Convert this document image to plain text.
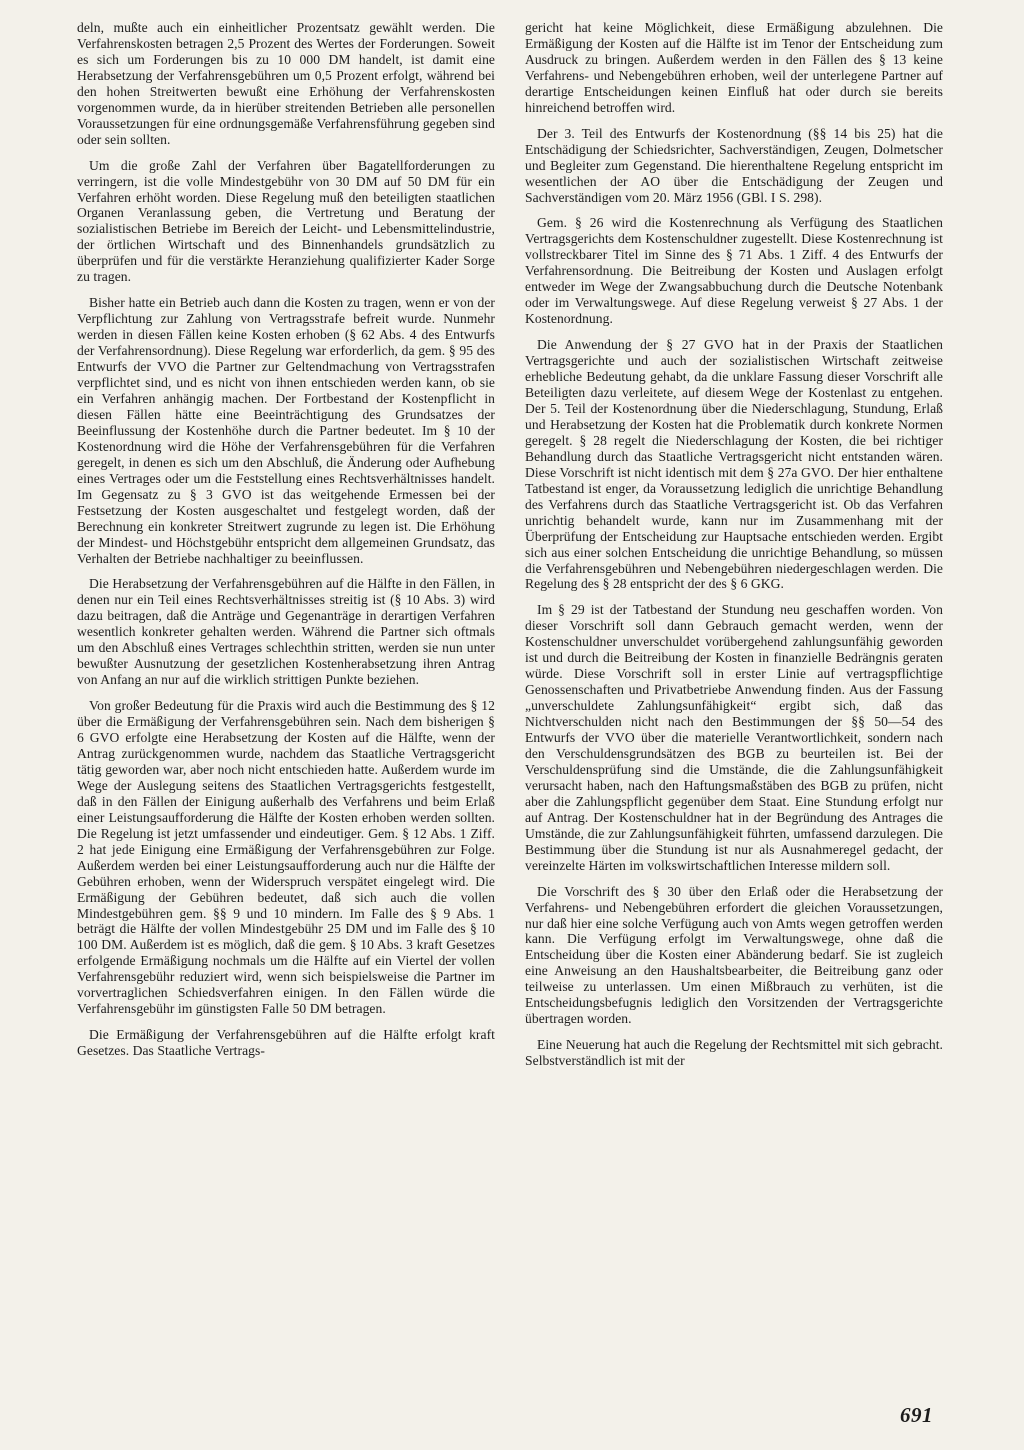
deln, mußte auch ein einheitlicher Prozentsatz gewählt werden. Die Verfahrenskosten betragen 2,5 Prozent des Wertes der Forderungen. Soweit es sich um Forderungen bis zu 10 000 DM handelt, ist damit eine Herabsetzung der Verfahrensgebühren um 0,5 Prozent erfolgt, während bei den hohen Streitwerten bewußt eine Erhöhung der Verfahrenskosten vorgenommen wurde, da in hierüber streitenden Betrieben alle personellen Voraussetzungen für eine ordnungsgemäße Verfahrensführung gegeben sind oder sein sollten.

Um die große Zahl der Verfahren über Bagatellforderungen zu verringern, ist die volle Mindestgebühr von 30 DM auf 50 DM für ein Verfahren erhöht worden. Diese Regelung muß den beteiligten staatlichen Organen Veranlassung geben, die Vertretung und Beratung der sozialistischen Betriebe im Bereich der Leicht- und Lebensmittelindustrie, der örtlichen Wirtschaft und des Binnenhandels grundsätzlich zu überprüfen und für die verstärkte Heranziehung qualifizierter Kader Sorge zu tragen.

Bisher hatte ein Betrieb auch dann die Kosten zu tragen, wenn er von der Verpflichtung zur Zahlung von Vertragsstrafe befreit wurde. Nunmehr werden in diesen Fällen keine Kosten erhoben (§ 62 Abs. 4 des Entwurfs der Verfahrensordnung). Diese Regelung war erforderlich, da gem. § 95 des Entwurfs der VVO die Partner zur Geltendmachung von Vertragsstrafen verpflichtet sind, und es nicht von ihnen entschieden werden kann, ob sie ein Verfahren anhängig machen. Der Fortbestand der Kostenpflicht in diesen Fällen hätte eine Beeinträchtigung des Grundsatzes der Beeinflussung der Kostenhöhe durch die Partner bedeutet. Im § 10 der Kostenordnung wird die Höhe der Verfahrensgebühren für die Verfahren geregelt, in denen es sich um den Abschluß, die Änderung oder Aufhebung eines Vertrages oder um die Feststellung eines Rechtsverhältnisses handelt. Im Gegensatz zu § 3 GVO ist das weitgehende Ermessen bei der Festsetzung der Kosten ausgeschaltet und festgelegt worden, daß der Berechnung ein konkreter Streitwert zugrunde zu legen ist. Die Erhöhung der Mindest- und Höchstgebühr entspricht dem allgemeinen Grundsatz, das Verhalten der Betriebe nachhaltiger zu beeinflussen.

Die Herabsetzung der Verfahrensgebühren auf die Hälfte in den Fällen, in denen nur ein Teil eines Rechtsverhältnisses streitig ist (§ 10 Abs. 3) wird dazu beitragen, daß die Anträge und Gegenanträge in derartigen Verfahren wesentlich konkreter gehalten werden. Während die Partner sich oftmals um den Abschluß eines Vertrages schlechthin stritten, werden sie nun unter bewußter Ausnutzung der gesetzlichen Kostenherabsetzung ihren Antrag von Anfang an nur auf die wirklich strittigen Punkte beziehen.

Von großer Bedeutung für die Praxis wird auch die Bestimmung des § 12 über die Ermäßigung der Verfahrensgebühren sein. Nach dem bisherigen § 6 GVO erfolgte eine Herabsetzung der Kosten auf die Hälfte, wenn der Antrag zurückgenommen wurde, nachdem das Staatliche Vertragsgericht tätig geworden war, aber noch nicht entschieden hatte. Außerdem wurde im Wege der Auslegung seitens des Staatlichen Vertragsgerichts festgestellt, daß in den Fällen der Einigung außerhalb des Verfahrens und beim Erlaß einer Leistungsaufforderung die Hälfte der Kosten erhoben werden sollten. Die Regelung ist jetzt umfassender und eindeutiger. Gem. § 12 Abs. 1 Ziff. 2 hat jede Einigung eine Ermäßigung der Verfahrensgebühren zur Folge. Außerdem werden bei einer Leistungsaufforderung auch nur die Hälfte der Gebühren erhoben, wenn der Widerspruch verspätet eingelegt wird. Die Ermäßigung der Gebühren bedeutet, daß sich auch die vollen Mindestgebühren gem. §§ 9 und 10 mindern. Im Falle des § 9 Abs. 1 beträgt die Hälfte der vollen Mindestgebühr 25 DM und im Falle des § 10 100 DM. Außerdem ist es möglich, daß die gem. § 10 Abs. 3 kraft Gesetzes erfolgende Ermäßigung nochmals um die Hälfte auf ein Viertel der vollen Verfahrensgebühr reduziert wird, wenn sich beispielsweise die Partner im vorvertraglichen Schiedsverfahren einigen. In den Fällen würde die Verfahrensgebühr im günstigsten Falle 50 DM betragen.

Die Ermäßigung der Verfahrensgebühren auf die Hälfte erfolgt kraft Gesetzes. Das Staatliche Vertrags-

gericht hat keine Möglichkeit, diese Ermäßigung abzulehnen. Die Ermäßigung der Kosten auf die Hälfte ist im Tenor der Entscheidung zum Ausdruck zu bringen. Außerdem werden in den Fällen des § 13 keine Verfahrens- und Nebengebühren erhoben, weil der unterlegene Partner auf derartige Entscheidungen keinen Einfluß hat oder durch sie bereits hinreichend betroffen wird.

Der 3. Teil des Entwurfs der Kostenordnung (§§ 14 bis 25) hat die Entschädigung der Schiedsrichter, Sachverständigen, Zeugen, Dolmetscher und Begleiter zum Gegenstand. Die hierenthaltene Regelung entspricht im wesentlichen der AO über die Entschädigung der Zeugen und Sachverständigen vom 20. März 1956 (GBl. I S. 298).

Gem. § 26 wird die Kostenrechnung als Verfügung des Staatlichen Vertragsgerichts dem Kostenschuldner zugestellt. Diese Kostenrechnung ist vollstreckbarer Titel im Sinne des § 71 Abs. 1 Ziff. 4 des Entwurfs der Verfahrensordnung. Die Beitreibung der Kosten und Auslagen erfolgt entweder im Wege der Zwangsabbuchung durch die Deutsche Notenbank oder im Verwaltungswege. Auf diese Regelung verweist § 27 Abs. 1 der Kostenordnung.

Die Anwendung der § 27 GVO hat in der Praxis der Staatlichen Vertragsgerichte und auch der sozialistischen Wirtschaft zeitweise erhebliche Bedeutung gehabt, da die unklare Fassung dieser Vorschrift alle Beteiligten dazu verleitete, auf diesem Wege der Kostenlast zu entgehen. Der 5. Teil der Kostenordnung über die Niederschlagung, Stundung, Erlaß und Herabsetzung der Kosten hat die Problematik durch konkrete Normen geregelt. § 28 regelt die Niederschlagung der Kosten, die bei richtiger Behandlung durch das Staatliche Vertragsgericht nicht entstanden wären. Diese Vorschrift ist nicht identisch mit dem § 27a GVO. Der hier enthaltene Tatbestand ist enger, da Voraussetzung lediglich die unrichtige Behandlung des Verfahrens durch das Staatliche Vertragsgericht ist. Ob das Verfahren unrichtig behandelt wurde, kann nur im Zusammenhang mit der Überprüfung der Entscheidung zur Hauptsache entschieden werden. Ergibt sich aus einer solchen Entscheidung die unrichtige Behandlung, so müssen die Verfahrensgebühren und Nebengebühren niedergeschlagen werden. Die Regelung des § 28 entspricht der des § 6 GKG.

Im § 29 ist der Tatbestand der Stundung neu geschaffen worden. Von dieser Vorschrift soll dann Gebrauch gemacht werden, wenn der Kostenschuldner unverschuldet vorübergehend zahlungsunfähig geworden ist und durch die Beitreibung der Kosten in finanzielle Bedrängnis geraten würde. Diese Vorschrift soll in erster Linie auf vertragspflichtige Genossenschaften und Privatbetriebe Anwendung finden. Aus der Fassung „unverschuldete Zahlungsunfähigkeit“ ergibt sich, daß das Nichtverschulden nicht nach den Bestimmungen der §§ 50—54 des Entwurfs der VVO über die materielle Verantwortlichkeit, sondern nach den Verschuldensgrundsätzen des BGB zu beurteilen ist. Bei der Verschuldensprüfung sind die Umstände, die die Zahlungsunfähigkeit verursacht haben, nach den Haftungsmaßstäben des BGB zu prüfen, nicht aber die Zahlungspflicht gegenüber dem Staat. Eine Stundung erfolgt nur auf Antrag. Der Kostenschuldner hat in der Begründung des Antrages die Umstände, die zur Zahlungsunfähigkeit führten, umfassend darzulegen. Die Bestimmung über die Stundung ist nur als Ausnahmeregel gedacht, der vereinzelte Härten im volkswirtschaftlichen Interesse mildern soll.

Die Vorschrift des § 30 über den Erlaß oder die Herabsetzung der Verfahrens- und Nebengebühren erfordert die gleichen Voraussetzungen, nur daß hier eine solche Verfügung auch von Amts wegen getroffen werden kann. Die Verfügung erfolgt im Verwaltungswege, ohne daß die Entscheidung über die Kosten einer Abänderung bedarf. Sie ist zugleich eine Anweisung an den Haushaltsbearbeiter, die Beitreibung ganz oder teilweise zu unterlassen. Um einen Mißbrauch zu verhüten, ist die Entscheidungsbefugnis lediglich den Vorsitzenden der Vertragsgerichte übertragen worden.

Eine Neuerung hat auch die Regelung der Rechtsmittel mit sich gebracht. Selbstverständlich ist mit der

691
